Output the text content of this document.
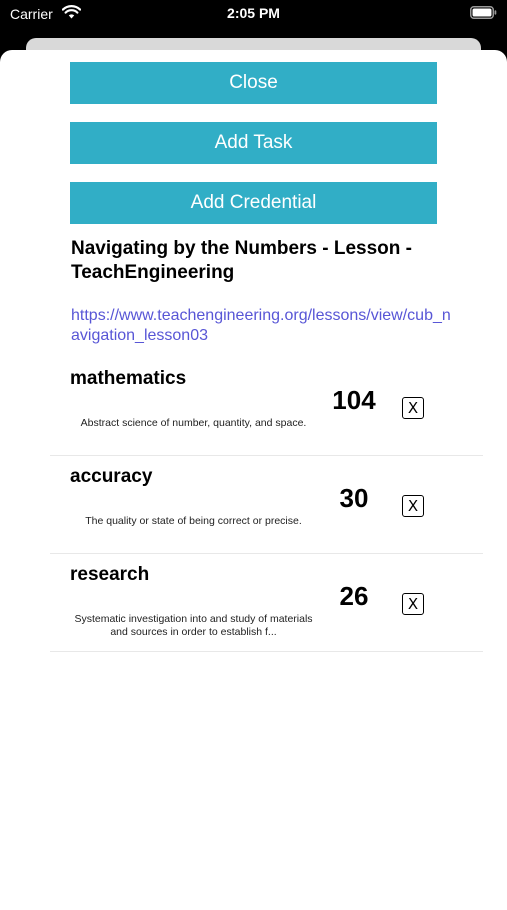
Carrier	2:05 PM
Close
Add Task
Add Credential
Navigating by the Numbers - Lesson - TeachEngineering
https://www.teachengineering.org/lessons/view/cub_navigation_lesson03
mathematics
Abstract science of number, quantity, and space.
104	X
accuracy
The quality or state of being correct or precise.
30	X
research
Systematic investigation into and study of materials and sources in order to establish f...
26	X
